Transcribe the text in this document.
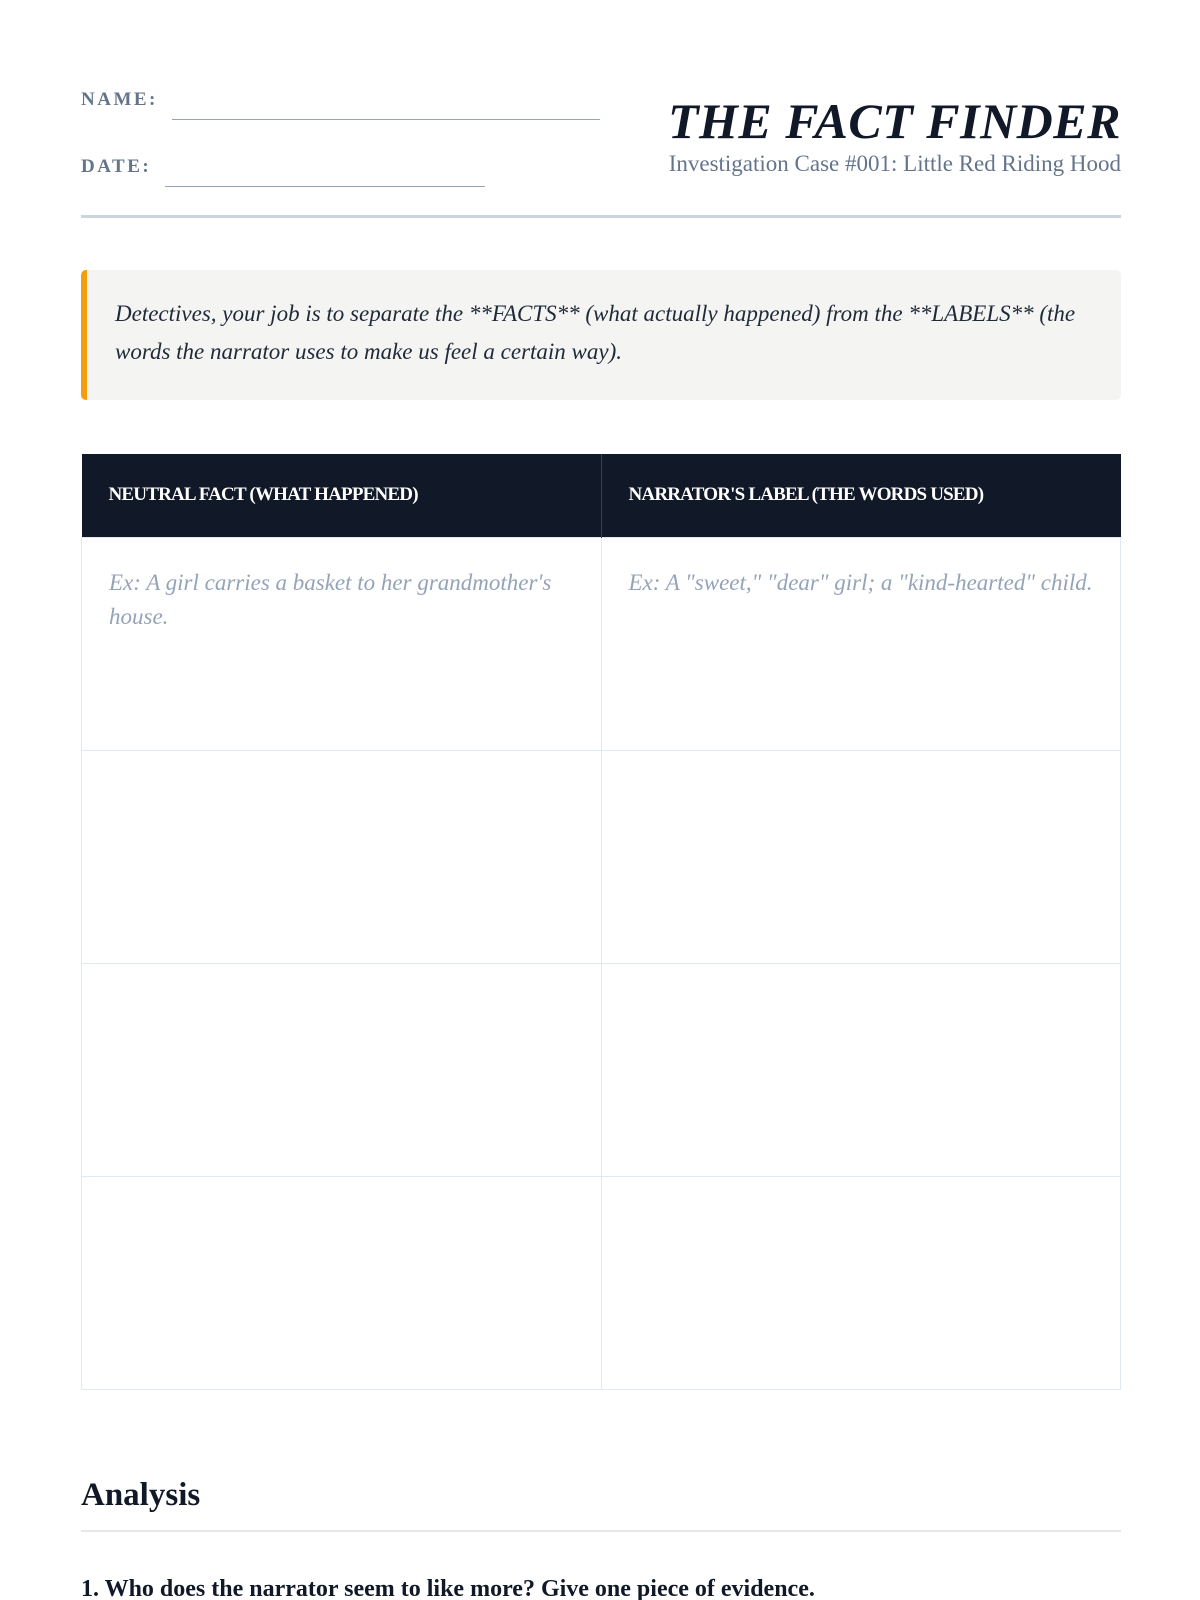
NAME:
DATE:
THE FACT FINDER
Investigation Case #001: Little Red Riding Hood
Detectives, your job is to separate the **FACTS** (what actually happened) from the **LABELS** (the words the narrator uses to make us feel a certain way).
NEUTRAL FACT (WHAT HAPPENED)	NARRATOR'S LABEL (THE WORDS USED)
Ex: A girl carries a basket to her grandmother's house.	Ex: A "sweet," "dear" girl; a "kind-hearted" child.

Analysis
1. Who does the narrator seem to like more? Give one piece of evidence.
